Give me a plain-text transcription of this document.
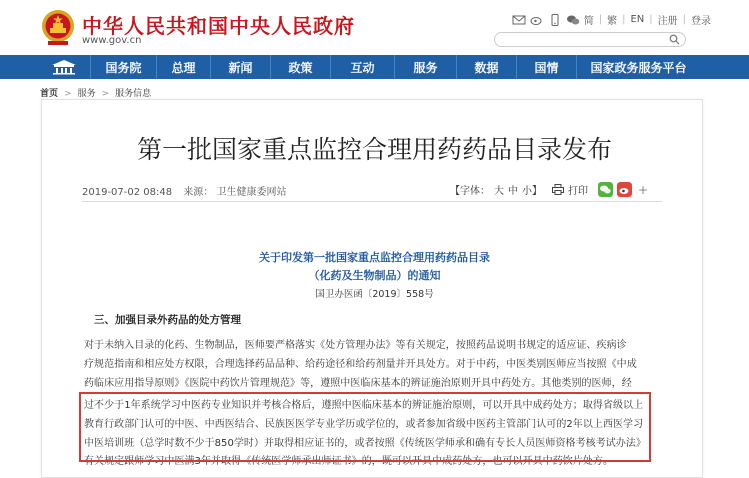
中华人民共和国中央人民政府
www.gov.cn
简 | 繁 | EN | 注册 | 登录
国务院	总理	新闻	政策	互动	服务	数据	国情	国家政务服务平台
首页 > 服务 > 服务信息
第一批国家重点监控合理用药药品目录发布
2019-07-02 08:48 来源： 卫生健康委网站	【字体： 大 中 小】	打印	+
关于印发第一批国家重点监控合理用药药品目录
（化药及生物制品）的通知
国卫办医函〔2019〕558号
三、加强目录外药品的处方管理
对于未纳入目录的化药、生物制品，医师要严格落实《处方管理办法》等有关规定，按照药品说明书规定的适应证、疾病诊
疗规范指南和相应处方权限，合理选择药品品种、给药途径和给药剂量并开具处方。对于中药，中医类别医师应当按照《中成
药临床应用指导原则》《医院中药饮片管理规范》等，遵照中医临床基本的辨证施治原则开具中药处方。其他类别的医师，经
过不少于1年系统学习中医药专业知识并考核合格后，遵照中医临床基本的辨证施治原则，可以开具中成药处方；取得省级以上
教育行政部门认可的中医、中西医结合、民族医医学专业学历或学位的，或者参加省级中医药主管部门认可的2年以上西医学习
中医培训班（总学时数不少于850学时）并取得相应证书的，或者按照《传统医学师承和确有专长人员医师资格考核考试办法》
有关规定跟师学习中医满3年并取得《传统医学师承出师证书》的，既可以开具中成药处方，也可以开具中药饮片处方。
